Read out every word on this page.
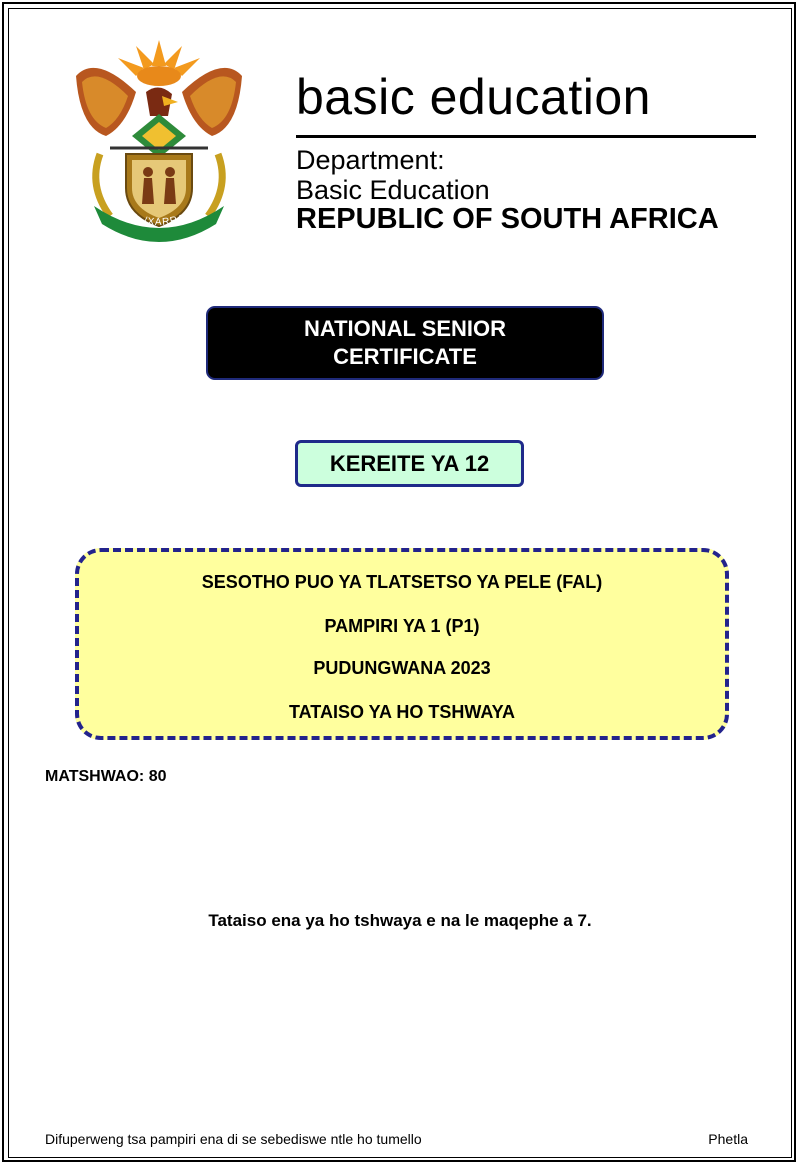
!KE E: /XARRA //KE
basic education
Department:
Basic Education
REPUBLIC OF SOUTH AFRICA
NATIONAL SENIOR
CERTIFICATE
KEREITE YA 12
SESOTHO PUO YA TLATSETSO YA PELE (FAL)
PAMPIRI YA 1 (P1)
PUDUNGWANA 2023
TATAISO YA HO TSHWAYA
MATSHWAO: 80
Tataiso ena ya ho tshwaya e na le maqephe a 7.
Difuperweng tsa pampiri ena di se sebediswe ntle ho tumello	Phetla
